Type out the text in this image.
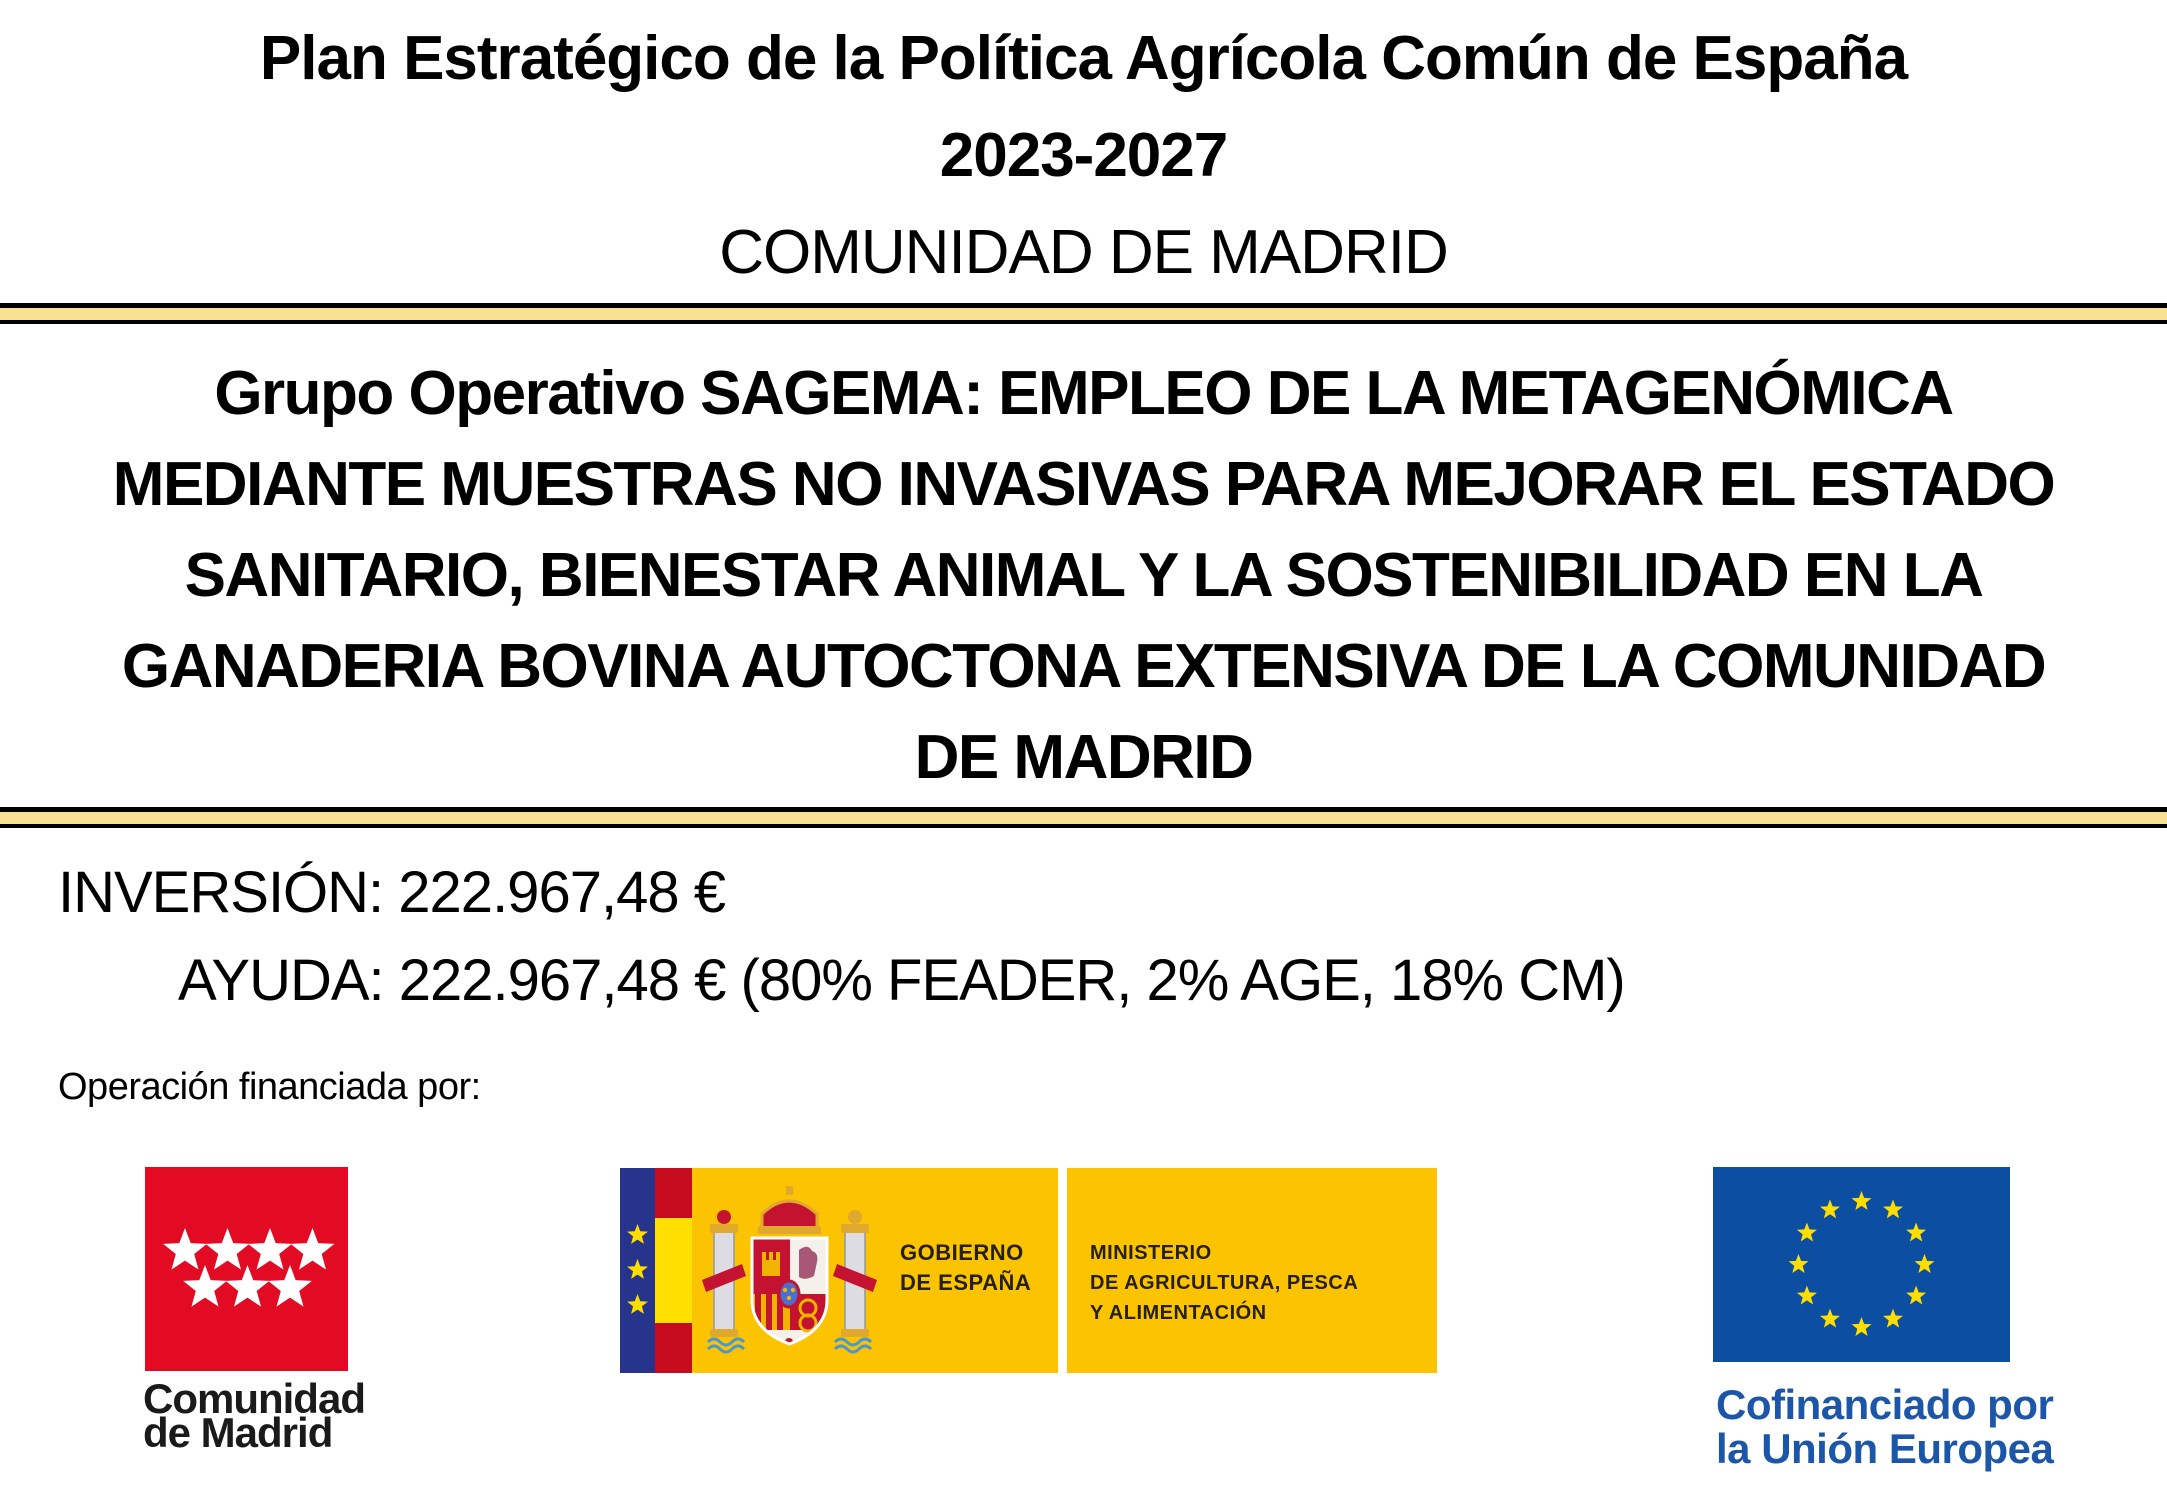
Plan Estratégico de la Política Agrícola Común de España
2023-2027
COMUNIDAD DE MADRID
Grupo Operativo SAGEMA: EMPLEO DE LA METAGENÓMICA
MEDIANTE MUESTRAS NO INVASIVAS PARA MEJORAR EL ESTADO
SANITARIO, BIENESTAR ANIMAL Y LA SOSTENIBILIDAD EN LA
GANADERIA BOVINA AUTOCTONA EXTENSIVA DE LA COMUNIDAD
DE MADRID
INVERSIÓN: 222.967,48 €
AYUDA: 222.967,48 € (80% FEADER, 2% AGE, 18% CM)
Operación financiada por:
Comunidad
de Madrid
GOBIERNO
DE ESPAÑA
MINISTERIO
DE AGRICULTURA, PESCA
Y ALIMENTACIÓN
Cofinanciado por
la Unión Europea
